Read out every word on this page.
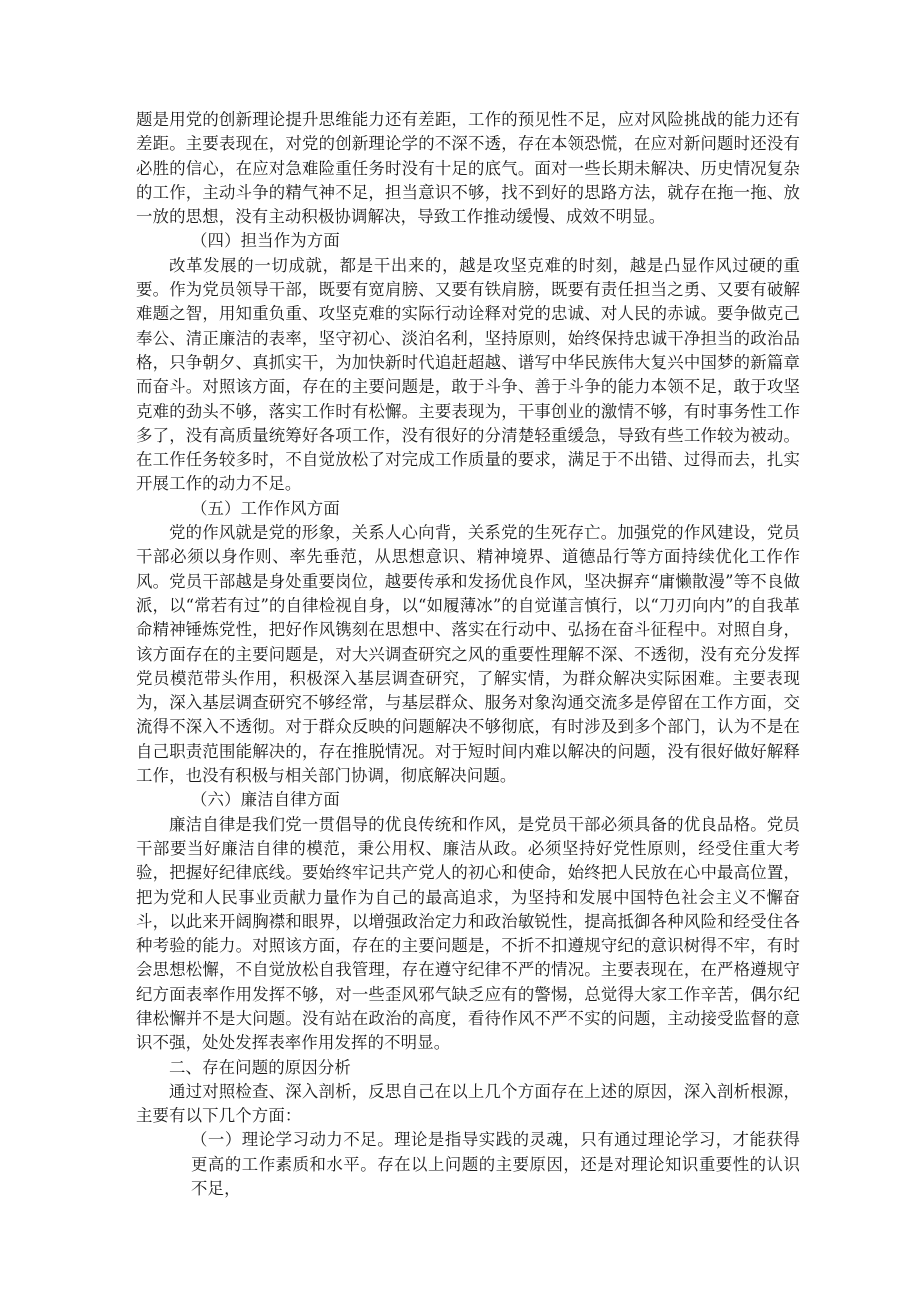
题是用党的创新理论提升思维能力还有差距，工作的预见性不足，应对风险挑战的能力还有差距。主要表现在，对党的创新理论学的不深不透，存在本领恐慌，在应对新问题时还没有必胜的信心，在应对急难险重任务时没有十足的底气。面对一些长期未解决、历史情况复杂的工作，主动斗争的精气神不足，担当意识不够，找不到好的思路方法，就存在拖一拖、放一放的思想，没有主动积极协调解决，导致工作推动缓慢、成效不明显。

（四）担当作为方面

改革发展的一切成就，都是干出来的，越是攻坚克难的时刻，越是凸显作风过硬的重要。作为党员领导干部，既要有宽肩膀、又要有铁肩膀，既要有责任担当之勇、又要有破解难题之智，用知重负重、攻坚克难的实际行动诠释对党的忠诚、对人民的赤诚。要争做克己奉公、清正廉洁的表率，坚守初心、淡泊名利，坚持原则，始终保持忠诚干净担当的政治品格，只争朝夕、真抓实干，为加快新时代追赶超越、谱写中华民族伟大复兴中国梦的新篇章而奋斗。对照该方面，存在的主要问题是，敢于斗争、善于斗争的能力本领不足，敢于攻坚克难的劲头不够，落实工作时有松懈。主要表现为，干事创业的激情不够，有时事务性工作多了，没有高质量统筹好各项工作，没有很好的分清楚轻重缓急，导致有些工作较为被动。在工作任务较多时，不自觉放松了对完成工作质量的要求，满足于不出错、过得而去，扎实开展工作的动力不足。

（五）工作作风方面

党的作风就是党的形象，关系人心向背，关系党的生死存亡。加强党的作风建设，党员干部必须以身作则、率先垂范，从思想意识、精神境界、道德品行等方面持续优化工作作风。党员干部越是身处重要岗位，越要传承和发扬优良作风，坚决摒弃“庸懒散漫”等不良做派，以“常若有过”的自律检视自身，以“如履薄冰”的自觉谨言慎行，以“刀刃向内”的自我革命精神锤炼党性，把好作风镌刻在思想中、落实在行动中、弘扬在奋斗征程中。对照自身，该方面存在的主要问题是，对大兴调查研究之风的重要性理解不深、不透彻，没有充分发挥党员模范带头作用，积极深入基层调查研究，了解实情，为群众解决实际困难。主要表现为，深入基层调查研究不够经常，与基层群众、服务对象沟通交流多是停留在工作方面，交流得不深入不透彻。对于群众反映的问题解决不够彻底，有时涉及到多个部门，认为不是在自己职责范围能解决的，存在推脱情况。对于短时间内难以解决的问题，没有很好做好解释工作，也没有积极与相关部门协调，彻底解决问题。

（六）廉洁自律方面

廉洁自律是我们党一贯倡导的优良传统和作风，是党员干部必须具备的优良品格。党员干部要当好廉洁自律的模范，秉公用权、廉洁从政。必须坚持好党性原则，经受住重大考验，把握好纪律底线。要始终牢记共产党人的初心和使命，始终把人民放在心中最高位置，把为党和人民事业贡献力量作为自己的最高追求，为坚持和发展中国特色社会主义不懈奋斗，以此来开阔胸襟和眼界，以增强政治定力和政治敏锐性，提高抵御各种风险和经受住各种考验的能力。对照该方面，存在的主要问题是，不折不扣遵规守纪的意识树得不牢，有时会思想松懈，不自觉放松自我管理，存在遵守纪律不严的情况。主要表现在，在严格遵规守纪方面表率作用发挥不够，对一些歪风邪气缺乏应有的警惕，总觉得大家工作辛苦，偶尔纪律松懈并不是大问题。没有站在政治的高度，看待作风不严不实的问题，主动接受监督的意识不强，处处发挥表率作用发挥的不明显。

二、存在问题的原因分析

通过对照检查、深入剖析，反思自己在以上几个方面存在上述的原因，深入剖析根源，主要有以下几个方面：

（一）理论学习动力不足。理论是指导实践的灵魂，只有通过理论学习，才能获得更高的工作素质和水平。存在以上问题的主要原因，还是对理论知识重要性的认识不足，
